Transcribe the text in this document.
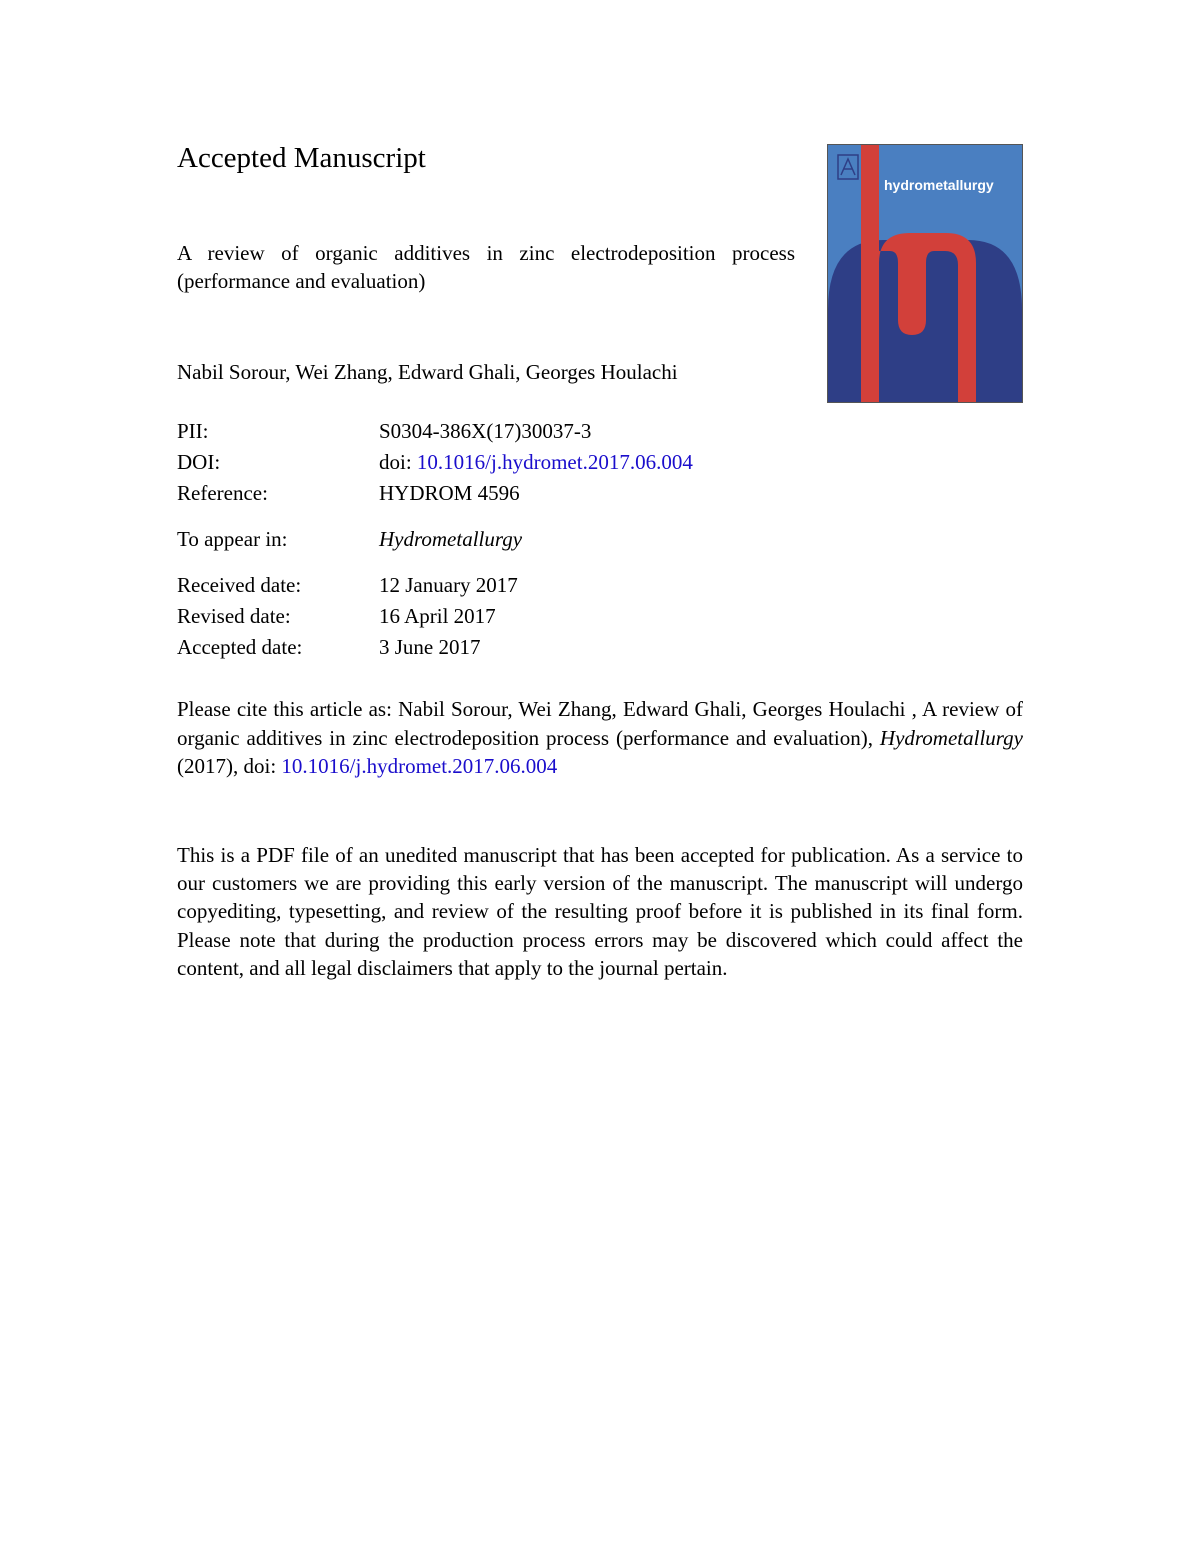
Accepted Manuscript
A review of organic additives in zinc electrodeposition process (performance and evaluation)
Nabil Sorour, Wei Zhang, Edward Ghali, Georges Houlachi
PII:	S0304-386X(17)30037-3
DOI:	doi: 10.1016/j.hydromet.2017.06.004
Reference:	HYDROM 4596
To appear in:	Hydrometallurgy
Received date:	12 January 2017
Revised date:	16 April 2017
Accepted date:	3 June 2017
Please cite this article as: Nabil Sorour, Wei Zhang, Edward Ghali, Georges Houlachi , A review of organic additives in zinc electrodeposition process (performance and evaluation), Hydrometallurgy (2017), doi: 10.1016/j.hydromet.2017.06.004
This is a PDF file of an unedited manuscript that has been accepted for publication. As a service to our customers we are providing this early version of the manuscript. The manuscript will undergo copyediting, typesetting, and review of the resulting proof before it is published in its final form. Please note that during the production process errors may be discovered which could affect the content, and all legal disclaimers that apply to the journal pertain.
hydrometallurgy
